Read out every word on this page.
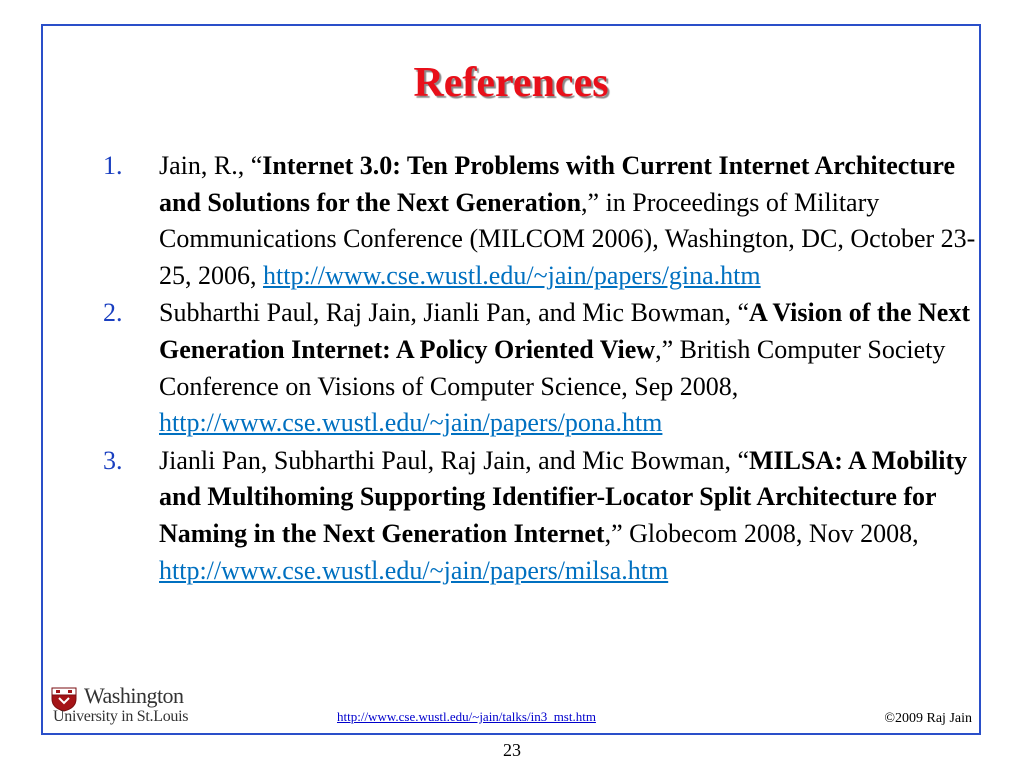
References
1. Jain, R., “Internet 3.0: Ten Problems with Current Internet Architecture and Solutions for the Next Generation,” in Proceedings of Military Communications Conference (MILCOM 2006), Washington, DC, October 23-25, 2006, http://www.cse.wustl.edu/~jain/papers/gina.htm
2. Subharthi Paul, Raj Jain, Jianli Pan, and Mic Bowman, “A Vision of the Next Generation Internet: A Policy Oriented View,” British Computer Society Conference on Visions of Computer Science, Sep 2008, http://www.cse.wustl.edu/~jain/papers/pona.htm
3. Jianli Pan, Subharthi Paul, Raj Jain, and Mic Bowman, “MILSA: A Mobility and Multihoming Supporting Identifier-Locator Split Architecture for Naming in the Next Generation Internet,” Globecom 2008, Nov 2008, http://www.cse.wustl.edu/~jain/papers/milsa.htm
Washington
University in St.Louis	http://www.cse.wustl.edu/~jain/talks/in3_mst.htm	©2009 Raj Jain
23
